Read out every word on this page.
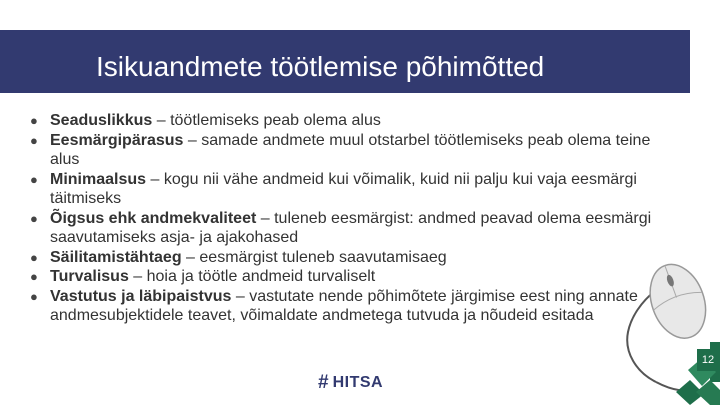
Isikuandmete töötlemise põhimõtted
● Seaduslikkus – töötlemiseks peab olema alus
● Eesmärgipärasus – samade andmete muul otstarbel töötlemiseks peab olema teine alus
● Minimaalsus – kogu nii vähe andmeid kui võimalik, kuid nii palju kui vaja eesmärgi täitmiseks
● Õigsus ehk andmekvaliteet – tuleneb eesmärgist: andmed peavad olema eesmärgi saavutamiseks asja- ja ajakohased
● Säilitamistähtaeg – eesmärgist tuleneb saavutamisaeg
● Turvalisus – hoia ja töötle andmeid turvaliselt
● Vastutus ja läbipaistvus – vastutate nende põhimõtete järgimise eest ning annate andmesubjektidele teavet, võimaldate andmetega tutvuda ja nõudeid esitada
12
# HITSA
